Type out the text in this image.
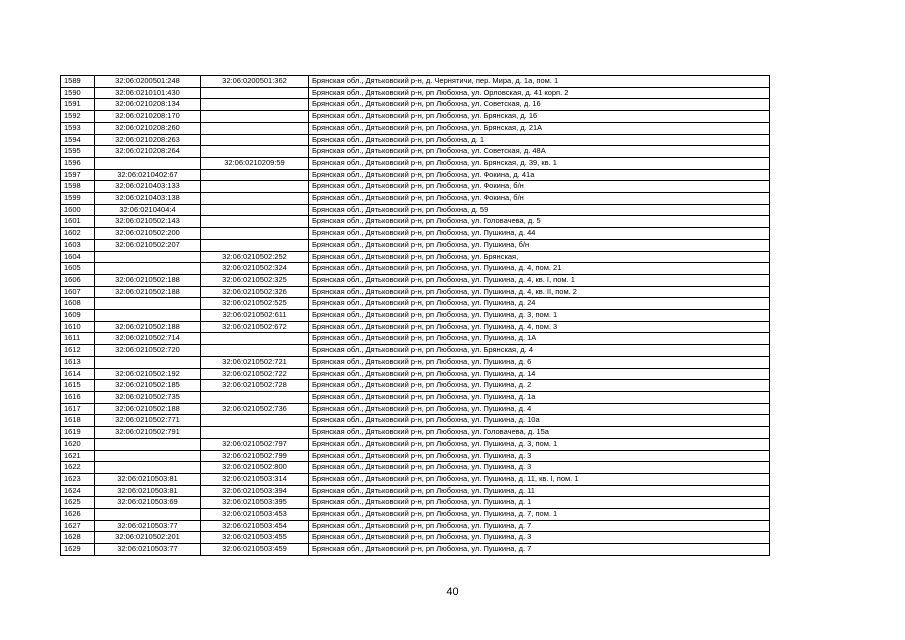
1589	32:06:0200501:248	32:06:0200501:362	Брянская обл., Дятьковский р-н, д. Чернятичи, пер. Мира, д. 1а, пом. 1
1590	32:06:0210101:430		Брянская обл., Дятьковский р-н, рп Любохна, ул. Орловская, д. 41 корп. 2
1591	32:06:0210208:134		Брянская обл., Дятьковский р-н, рп Любохна, ул. Советская, д. 16
1592	32:06:0210208:170		Брянская обл., Дятьковский р-н, рп Любохна, ул. Брянская, д. 16
1593	32:06:0210208:260		Брянская обл., Дятьковский р-н, рп Любохна, ул. Брянская, д. 21А
1594	32:06:0210208:263		Брянская обл., Дятьковский р-н, рп Любохна, д. 1
1595	32:06:0210208:264		Брянская обл., Дятьковский р-н, рп Любохна, ул. Советская, д. 48А
1596		32:06:0210209:59	Брянская обл., Дятьковский р-н, рп Любохна, ул. Брянская, д. 39, кв. 1
1597	32:06:0210402:67		Брянская обл., Дятьковский р-н, рп Любохна, ул. Фокина, д. 41а
1598	32:06:0210403:133		Брянская обл., Дятьковский р-н, рп Любохна, ул. Фокина, б/н
1599	32:06:0210403:138		Брянская обл., Дятьковский р-н, рп Любохна, ул. Фокина, б/н
1600	32:06:0210404:4		Брянская обл., Дятьковский р-н, рп Любохна, д. 59
1601	32:06:0210502:143		Брянская обл., Дятьковский р-н, рп Любохна, ул. Головачева, д. 5
1602	32:06:0210502:200		Брянская обл., Дятьковский р-н, рп Любохна, ул. Пушкина, д. 44
1603	32:06:0210502:207		Брянская обл., Дятьковский р-н, рп Любохна, ул. Пушкина, б/н
1604		32:06:0210502:252	Брянская обл., Дятьковский р-н, рп Любохна, ул. Брянская,
1605		32:06:0210502:324	Брянская обл., Дятьковский р-н, рп Любохна, ул. Пушкина, д. 4, пом. 21
1606	32:06:0210502:188	32:06:0210502:325	Брянская обл., Дятьковский р-н, рп Любохна, ул. Пушкина, д. 4, кв. I, пом. 1
1607	32:06:0210502:188	32:06:0210502:326	Брянская обл., Дятьковский р-н, рп Любохна, ул. Пушкина, д. 4, кв. II, пом. 2
1608		32:06:0210502:525	Брянская обл., Дятьковский р-н, рп Любохна, ул. Пушкина, д. 24
1609		32:06:0210502:611	Брянская обл., Дятьковский р-н, рп Любохна, ул. Пушкина, д. 3, пом. 1
1610	32:06:0210502:188	32:06:0210502:672	Брянская обл., Дятьковский р-н, рп Любохна, ул. Пушкина, д. 4, пом. 3
1611	32:06:0210502:714		Брянская обл., Дятьковский р-н, рп Любохна, ул. Пушкина, д. 1А
1612	32:06:0210502:720		Брянская обл., Дятьковский р-н, рп Любохна, ул. Брянская, д. 4
1613		32:06:0210502:721	Брянская обл., Дятьковский р-н, рп Любохна, ул. Пушкина, д. 6
1614	32:06:0210502:192	32:06:0210502:722	Брянская обл., Дятьковский р-н, рп Любохна, ул. Пушкина, д. 14
1615	32:06:0210502:185	32:06:0210502:728	Брянская обл., Дятьковский р-н, рп Любохна, ул. Пушкина, д. 2
1616	32:06:0210502:735		Брянская обл., Дятьковский р-н, рп Любохна, ул. Пушкина, д. 1а
1617	32:06:0210502:188	32:06:0210502:736	Брянская обл., Дятьковский р-н, рп Любохна, ул. Пушкина, д. 4
1618	32:06:0210502:771		Брянская обл., Дятьковский р-н, рп Любохна, ул. Пушкина, д. 10а
1619	32:06:0210502:791		Брянская обл., Дятьковский р-н, рп Любохна, ул. Головачева, д. 15а
1620		32:06:0210502:797	Брянская обл., Дятьковский р-н, рп Любохна, ул. Пушкина, д. 3, пом. 1
1621		32:06:0210502:799	Брянская обл., Дятьковский р-н, рп Любохна, ул. Пушкина, д. 3
1622		32:06:0210502:800	Брянская обл., Дятьковский р-н, рп Любохна, ул. Пушкина, д. 3
1623	32:06:0210503:81	32:06:0210503:314	Брянская обл., Дятьковский р-н, рп Любохна, ул. Пушкина, д. 11, кв. I, пом. 1
1624	32:06:0210503:81	32:06:0210503:394	Брянская обл., Дятьковский р-н, рп Любохна, ул. Пушкина, д. 11
1625	32:06:0210503:69	32:06:0210503:395	Брянская обл., Дятьковский р-н, рп Любохна, ул. Пушкина, д. 1
1626		32:06:0210503:453	Брянская обл., Дятьковский р-н, рп Любохна, ул. Пушкина, д. 7, пом. 1
1627	32:06:0210503:77	32:06:0210503:454	Брянская обл., Дятьковский р-н, рп Любохна, ул. Пушкина, д. 7
1628	32:06:0210502:201	32:06:0210503:455	Брянская обл., Дятьковский р-н, рп Любохна, ул. Пушкина, д. 3
1629	32:06:0210503:77	32:06:0210503:459	Брянская обл., Дятьковский р-н, рп Любохна, ул. Пушкина, д. 7
40
